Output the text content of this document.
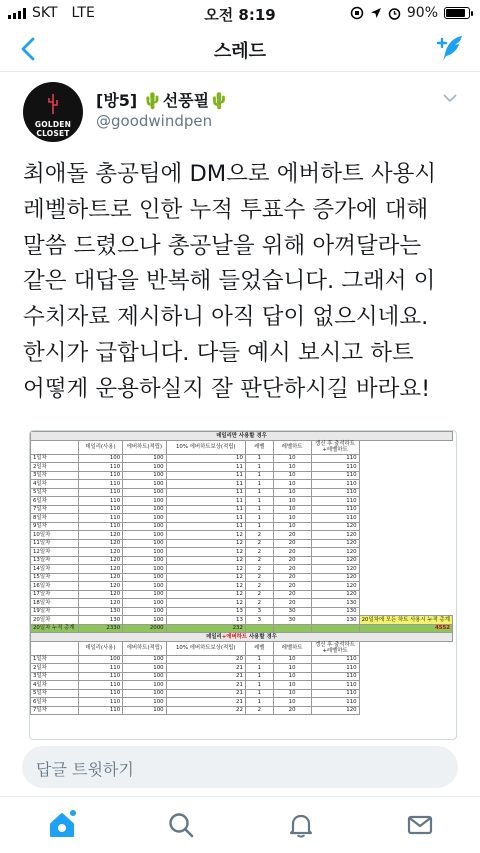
SKT LTE	오전 8:19	90%
스레드
GOLDEN CLOSET
[방5] 🌵선풍필🌵
@goodwindpen

최애돌 총공팀에 DM으로 에버하트 사용시

레벨하트로 인한 누적 투표수 증가에 대해

말씀 드렸으나 총공날을 위해 아껴달라는

같은 대답을 반복해 들었습니다. 그래서 이

수치자료 제시하니 아직 답이 없으시네요.

한시가 급합니다. 다들 예시 보시고 하트

어떻게 운용하실지 잘 판단하시길 바라요!

데일리만 사용할 경우							
	데일리(사용)	에버하트(적립)	10% 에버하트보상(적립)	레벨	레벨하트	갱신 후 출석하트 +레벨하트	
1일차	100	100	10	1	10	110	
2일차	110	100	11	1	10	110	
3일차	110	100	11	1	10	110	
4일차	110	100	11	1	10	110	
5일차	110	100	11	1	10	110	
6일차	110	100	11	1	10	110	
7일차	110	100	11	1	10	110	
8일차	110	100	11	1	10	110	
9일차	110	100	11	1	10	120	
10일차	120	100	12	2	20	120	
11일차	120	100	12	2	20	120	
12일차	120	100	12	2	20	120	
13일차	120	100	12	2	20	120	
14일차	120	100	12	2	20	120	
15일차	120	100	12	2	20	120	
16일차	120	100	12	2	20	120	
17일차	120	100	12	2	20	120	
18일차	120	100	12	2	20	130	
19일차	130	100	13	3	30	130	
20일차	130	100	13	3	30	130	20일차에 모든 하트 사용시 누적 총계
20일차 누적 총계	2330	2000	232				4552
데일리+에버하트 사용할 경우							
	데일리(사용)	에버하트(적립)	10% 에버하트보상(적립)	레벨	레벨하트	갱신 후 출석하트 +레벨하트	
1일차	100	100	20	1	10	110	
2일차	110	100	21	1	10	110	
3일차	110	100	21	1	10	110	
4일차	110	100	21	1	10	110	
5일차	110	100	21	1	10	110	
6일차	110	100	21	1	10	110	
7일차	110	100	22	2	20	120	
답글 트윗하기
